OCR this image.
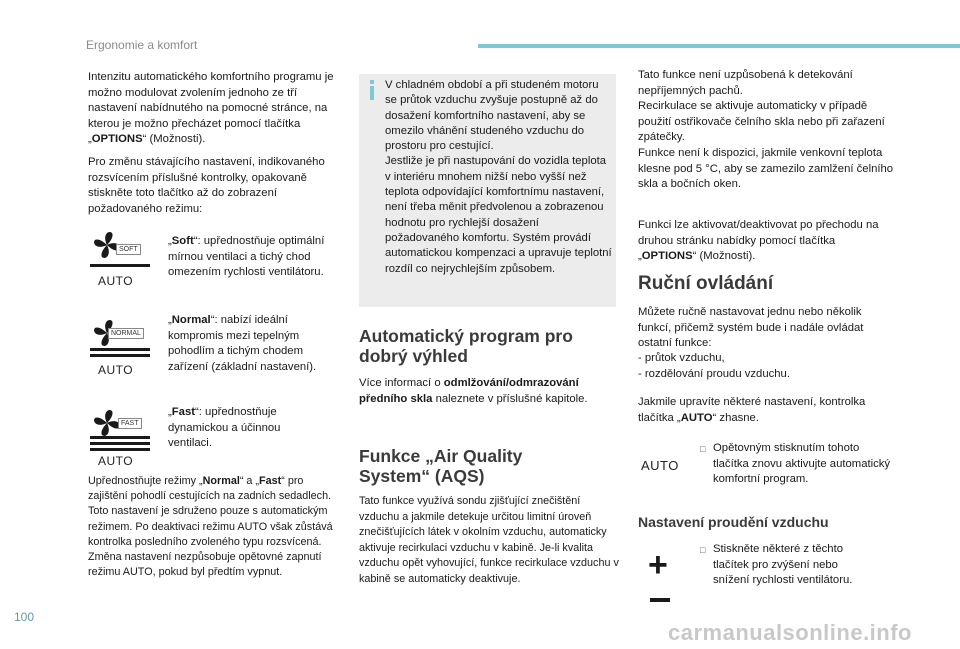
Ergonomie a komfort

Intenzitu automatického komfortního programu je možno modulovat zvolením jednoho ze tří nastavení nabídnutého na pomocné stránce, na kterou je možno přecházet pomocí tlačítka „OPTIONS“ (Možnosti).

Pro změnu stávajícího nastavení, indikovaného rozsvícením příslušné kontrolky, opakovaně stiskněte toto tlačítko až do zobrazení požadovaného režimu:

SOFT
AUTO

„Soft“: upřednostňuje optimální mírnou ventilaci a tichý chod omezením rychlosti ventilátoru.

NORMAL
AUTO

„Normal“: nabízí ideální kompromis mezi tepelným pohodlím a tichým chodem zařízení (základní nastavení).

FAST
AUTO

„Fast“: upřednostňuje dynamickou a účinnou ventilaci.

Upřednostňujte režimy „Normal“ a „Fast“ pro zajištění pohodlí cestujících na zadních sedadlech. Toto nastavení je sdruženo pouze s automatickým režimem. Po deaktivaci režimu AUTO však zůstává kontrolka posledního zvoleného typu rozsvícená.
Změna nastavení nezpůsobuje opětovné zapnutí režimu AUTO, pokud byl předtím vypnut.

V chladném období a při studeném motoru se průtok vzduchu zvyšuje postupně až do dosažení komfortního nastavení, aby se omezilo vhánění studeného vzduchu do prostoru pro cestující.

Jestliže je při nastupování do vozidla teplota v interiéru mnohem nižší nebo vyšší než teplota odpovídající komfortnímu nastavení, není třeba měnit předvolenou a zobrazenou hodnotu pro rychlejší dosažení požadovaného komfortu. Systém provádí automatickou kompenzaci a upravuje teplotní rozdíl co nejrychlejším způsobem.

Automatický program pro

dobrý výhled

Více informací o odmlžování/odmrazování předního skla naleznete v příslušné kapitole.

Funkce „Air Quality

System“ (AQS)

Tato funkce využívá sondu zjišťující znečištění vzduchu a jakmile detekuje určitou limitní úroveň znečišťujících látek v okolním vzduchu, automaticky aktivuje recirkulaci vzduchu v kabině. Je-li kvalita vzduchu opět vyhovující, funkce recirkulace vzduchu v kabině se automaticky deaktivuje.

Tato funkce není uzpůsobená k detekování nepříjemných pachů.

Recirkulace se aktivuje automaticky v případě použití ostřikovače čelního skla nebo při zařazení zpátečky.

Funkce není k dispozici, jakmile venkovní teplota klesne pod 5 °C, aby se zamezilo zamlžení čelního skla a bočních oken.

Funkci lze aktivovat/deaktivovat po přechodu na druhou stránku nabídky pomocí tlačítka „OPTIONS“ (Možnosti).

Ruční ovládání

Můžete ručně nastavovat jednu nebo několik funkcí, přičemž systém bude i nadále ovládat ostatní funkce:

- průtok vzduchu,

- rozdělování proudu vzduchu.

Jakmile upravíte některé nastavení, kontrolka tlačítka „AUTO“ zhasne.

AUTO
□ Opětovným stisknutím tohoto tlačítka znovu aktivujte automatický komfortní program.

Nastavení proudění vzduchu

+	□ Stiskněte některé z těchto tlačítek pro zvýšení nebo snížení rychlosti ventilátoru.

100
carmanualsonline.info
